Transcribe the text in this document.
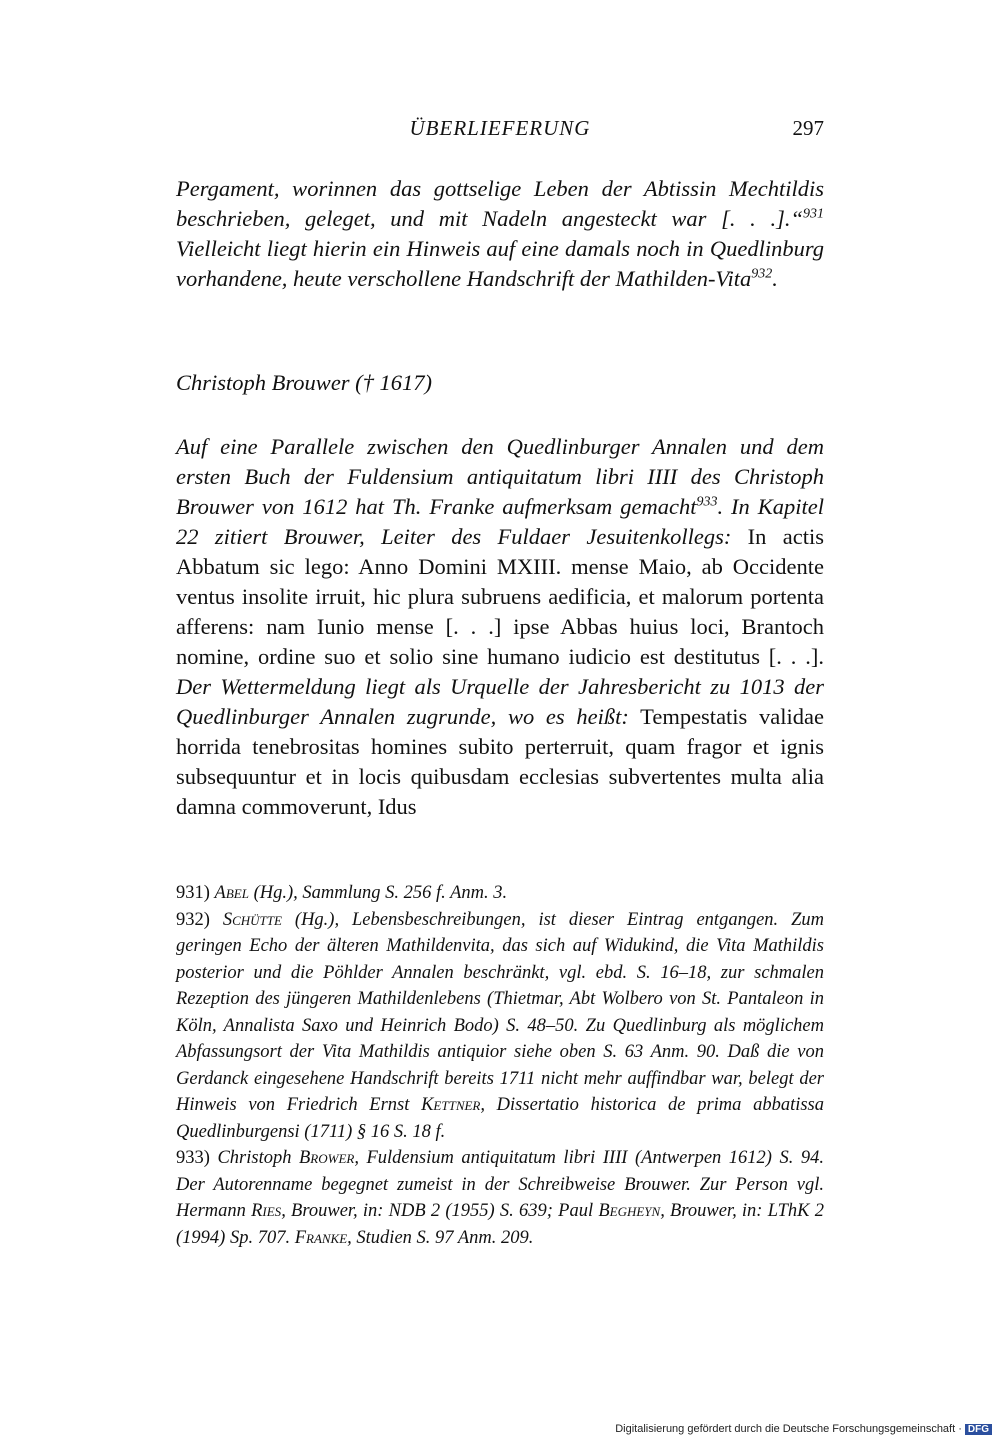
ÜBERLIEFERUNG	297
Pergament, worinnen das gottselige Leben der Abtissin Mechtildis beschrieben, geleget, und mit Nadeln angesteckt war [. . .].“$^{931}$ Vielleicht liegt hierin ein Hinweis auf eine damals noch in Quedlinburg vorhandene, heute verschollene Handschrift der Mathilden-Vita$^{932}$.
Christoph Brouwer († 1617)
Auf eine Parallele zwischen den Quedlinburger Annalen und dem ersten Buch der Fuldensium antiquitatum libri IIII des Christoph Brouwer von 1612 hat Th. Franke aufmerksam gemacht$^{933}$. In Kapitel 22 zitiert Brouwer, Leiter des Fuldaer Jesuitenkollegs: In actis Abbatum sic lego: Anno Domini MXIII. mense Maio, ab Occidente ventus insolite irruit, hic plura subruens aedificia, et malorum portenta afferens: nam Iunio mense [. . .] ipse Abbas huius loci, Brantoch nomine, ordine suo et solio sine humano iudicio est destitutus [. . .]. Der Wettermeldung liegt als Urquelle der Jahresbericht zu 1013 der Quedlinburger Annalen zugrunde, wo es heißt: Tempestatis validae horrida tenebrositas homines subito perterruit, quam fragor et ignis subsequuntur et in locis quibusdam ecclesias subvertentes multa alia damna commoverunt, Idus

931) Abel (Hg.), Sammlung S. 256 f. Anm. 3.

932) Schütte (Hg.), Lebensbeschreibungen, ist dieser Eintrag entgangen. Zum geringen Echo der älteren Mathildenvita, das sich auf Widukind, die Vita Mathildis posterior und die Pöhlder Annalen beschränkt, vgl. ebd. S. 16–18, zur schmalen Rezeption des jüngeren Mathildenlebens (Thietmar, Abt Wolbero von St. Pantaleon in Köln, Annalista Saxo und Heinrich Bodo) S. 48–50. Zu Quedlinburg als möglichem Abfassungsort der Vita Mathildis antiquior siehe oben S. 63 Anm. 90. Daß die von Gerdanck eingesehene Handschrift bereits 1711 nicht mehr auffindbar war, belegt der Hinweis von Friedrich Ernst Kettner, Dissertatio historica de prima abbatissa Quedlinburgensi (1711) § 16 S. 18 f.

933) Christoph Brower, Fuldensium antiquitatum libri IIII (Antwerpen 1612) S. 94. Der Autorenname begegnet zumeist in der Schreibweise Brouwer. Zur Person vgl. Hermann Ries, Brouwer, in: NDB 2 (1955) S. 639; Paul Begheyn, Brouwer, in: LThK 2 (1994) Sp. 707. Franke, Studien S. 97 Anm. 209.

Digitalisierung gefördert durch die Deutsche Forschungsgemeinschaft · DFG
